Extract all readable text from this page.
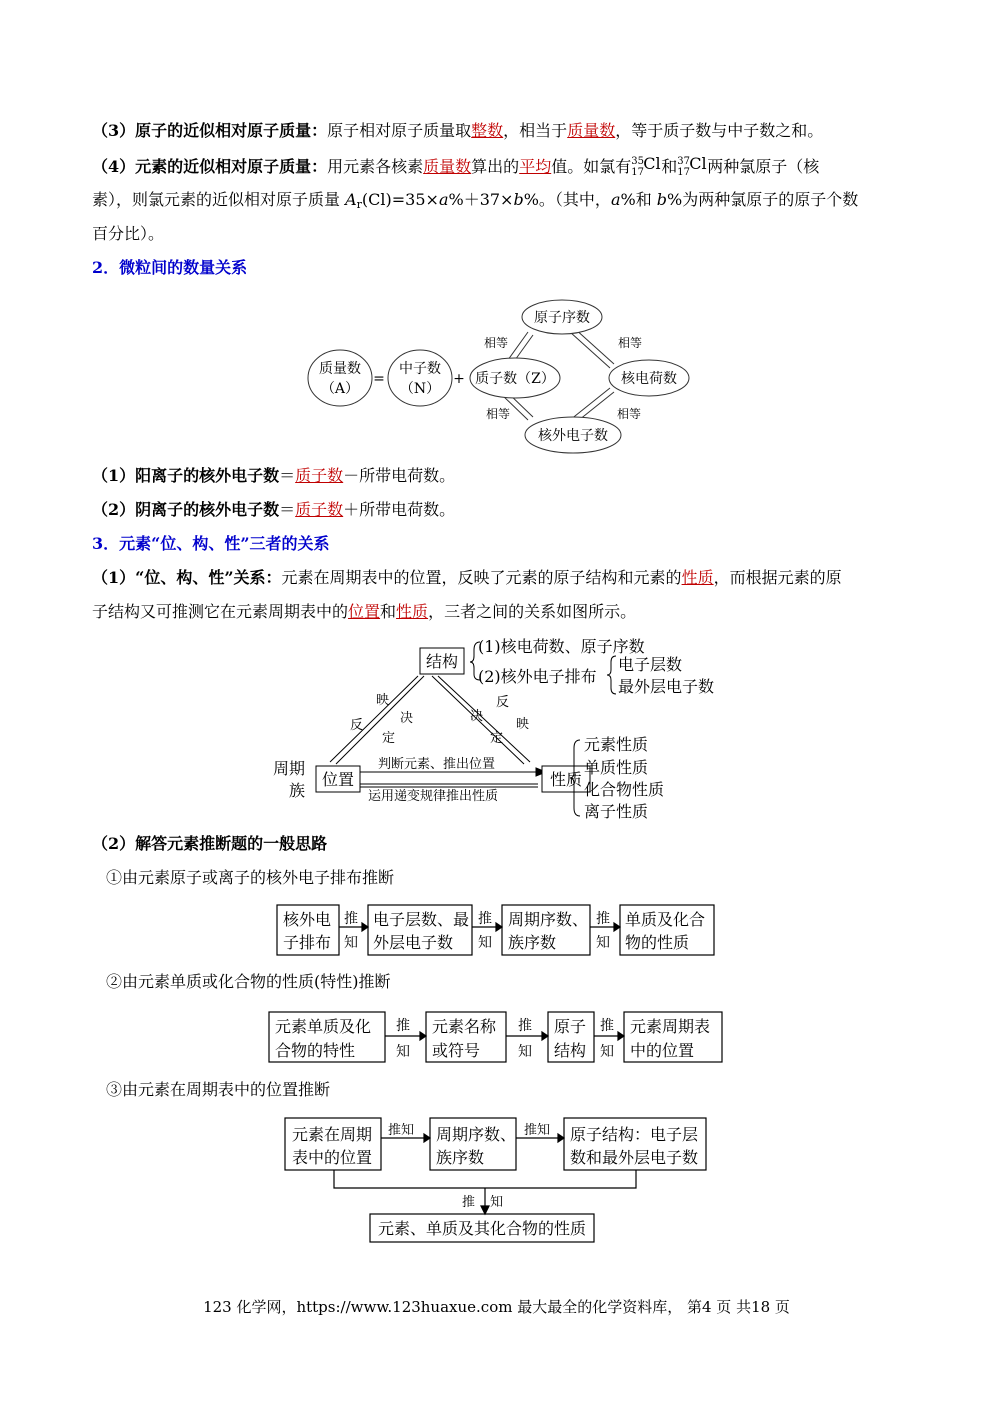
（3）原子的近似相对原子质量：原子相对原子质量取整数，相当于质量数，等于质子数与中子数之和。
（4）元素的近似相对原子质量：用元素各核素质量数算出的平均值。如氯有 35
17 Cl 和 37
17 Cl 两种氯原子（核
素），则氯元素的近似相对原子质量 $A_r(Cl)=35\times a\%+37\times b\%$。（其中，a%和 b%为两种氯原子的原子个数
百分比）。
2．微粒间的数量关系
质量数
（A）
=
中子数
（N）
+ 质子数（Z）
原子序数
核电荷数
核外电子数
相等	相等
相等	相等
（1）阳离子的核外电子数＝质子数－所带电荷数。
（2）阴离子的核外电子数＝质子数＋所带电荷数。
3．元素“位、构、性”三者的关系
（1）“位、构、性”关系：元素在周期表中的位置，反映了元素的原子结构和元素的性质，而根据元素的原
子结构又可推测它在元素周期表中的位置和性质，三者之间的关系如图所示。
结构
(1)核电荷数、原子序数
(2)核外电子排布
电子层数
最外层电子数
位置
周期
族
性质
元素性质
单质性质
化合物性质
离子性质
反
映
决
定
决
定
反
映
判断元素、推出位置
运用递变规律推出性质
（2）解答元素推断题的一般思路
①由元素原子或离子的核外电子排布推断
核外电
子排布
电子层数、最
外层电子数
周期序数、
族序数
单质及化合
物的性质
推
知
推
知
推
知
②由元素单质或化合物的性质(特性)推断
元素单质及化
合物的特性
元素名称
或符号
原子
结构
元素周期表
中的位置
推
知
推
知
推
知
③由元素在周期表中的位置推断
元素在周期
表中的位置
周期序数、
族序数
原子结构：电子层
数和最外层电子数
元素、单质及其化合物的性质
推知	推知
推 知
123 化学网，https://www.123huaxue.com 最大最全的化学资料库， 第4 页 共18 页
